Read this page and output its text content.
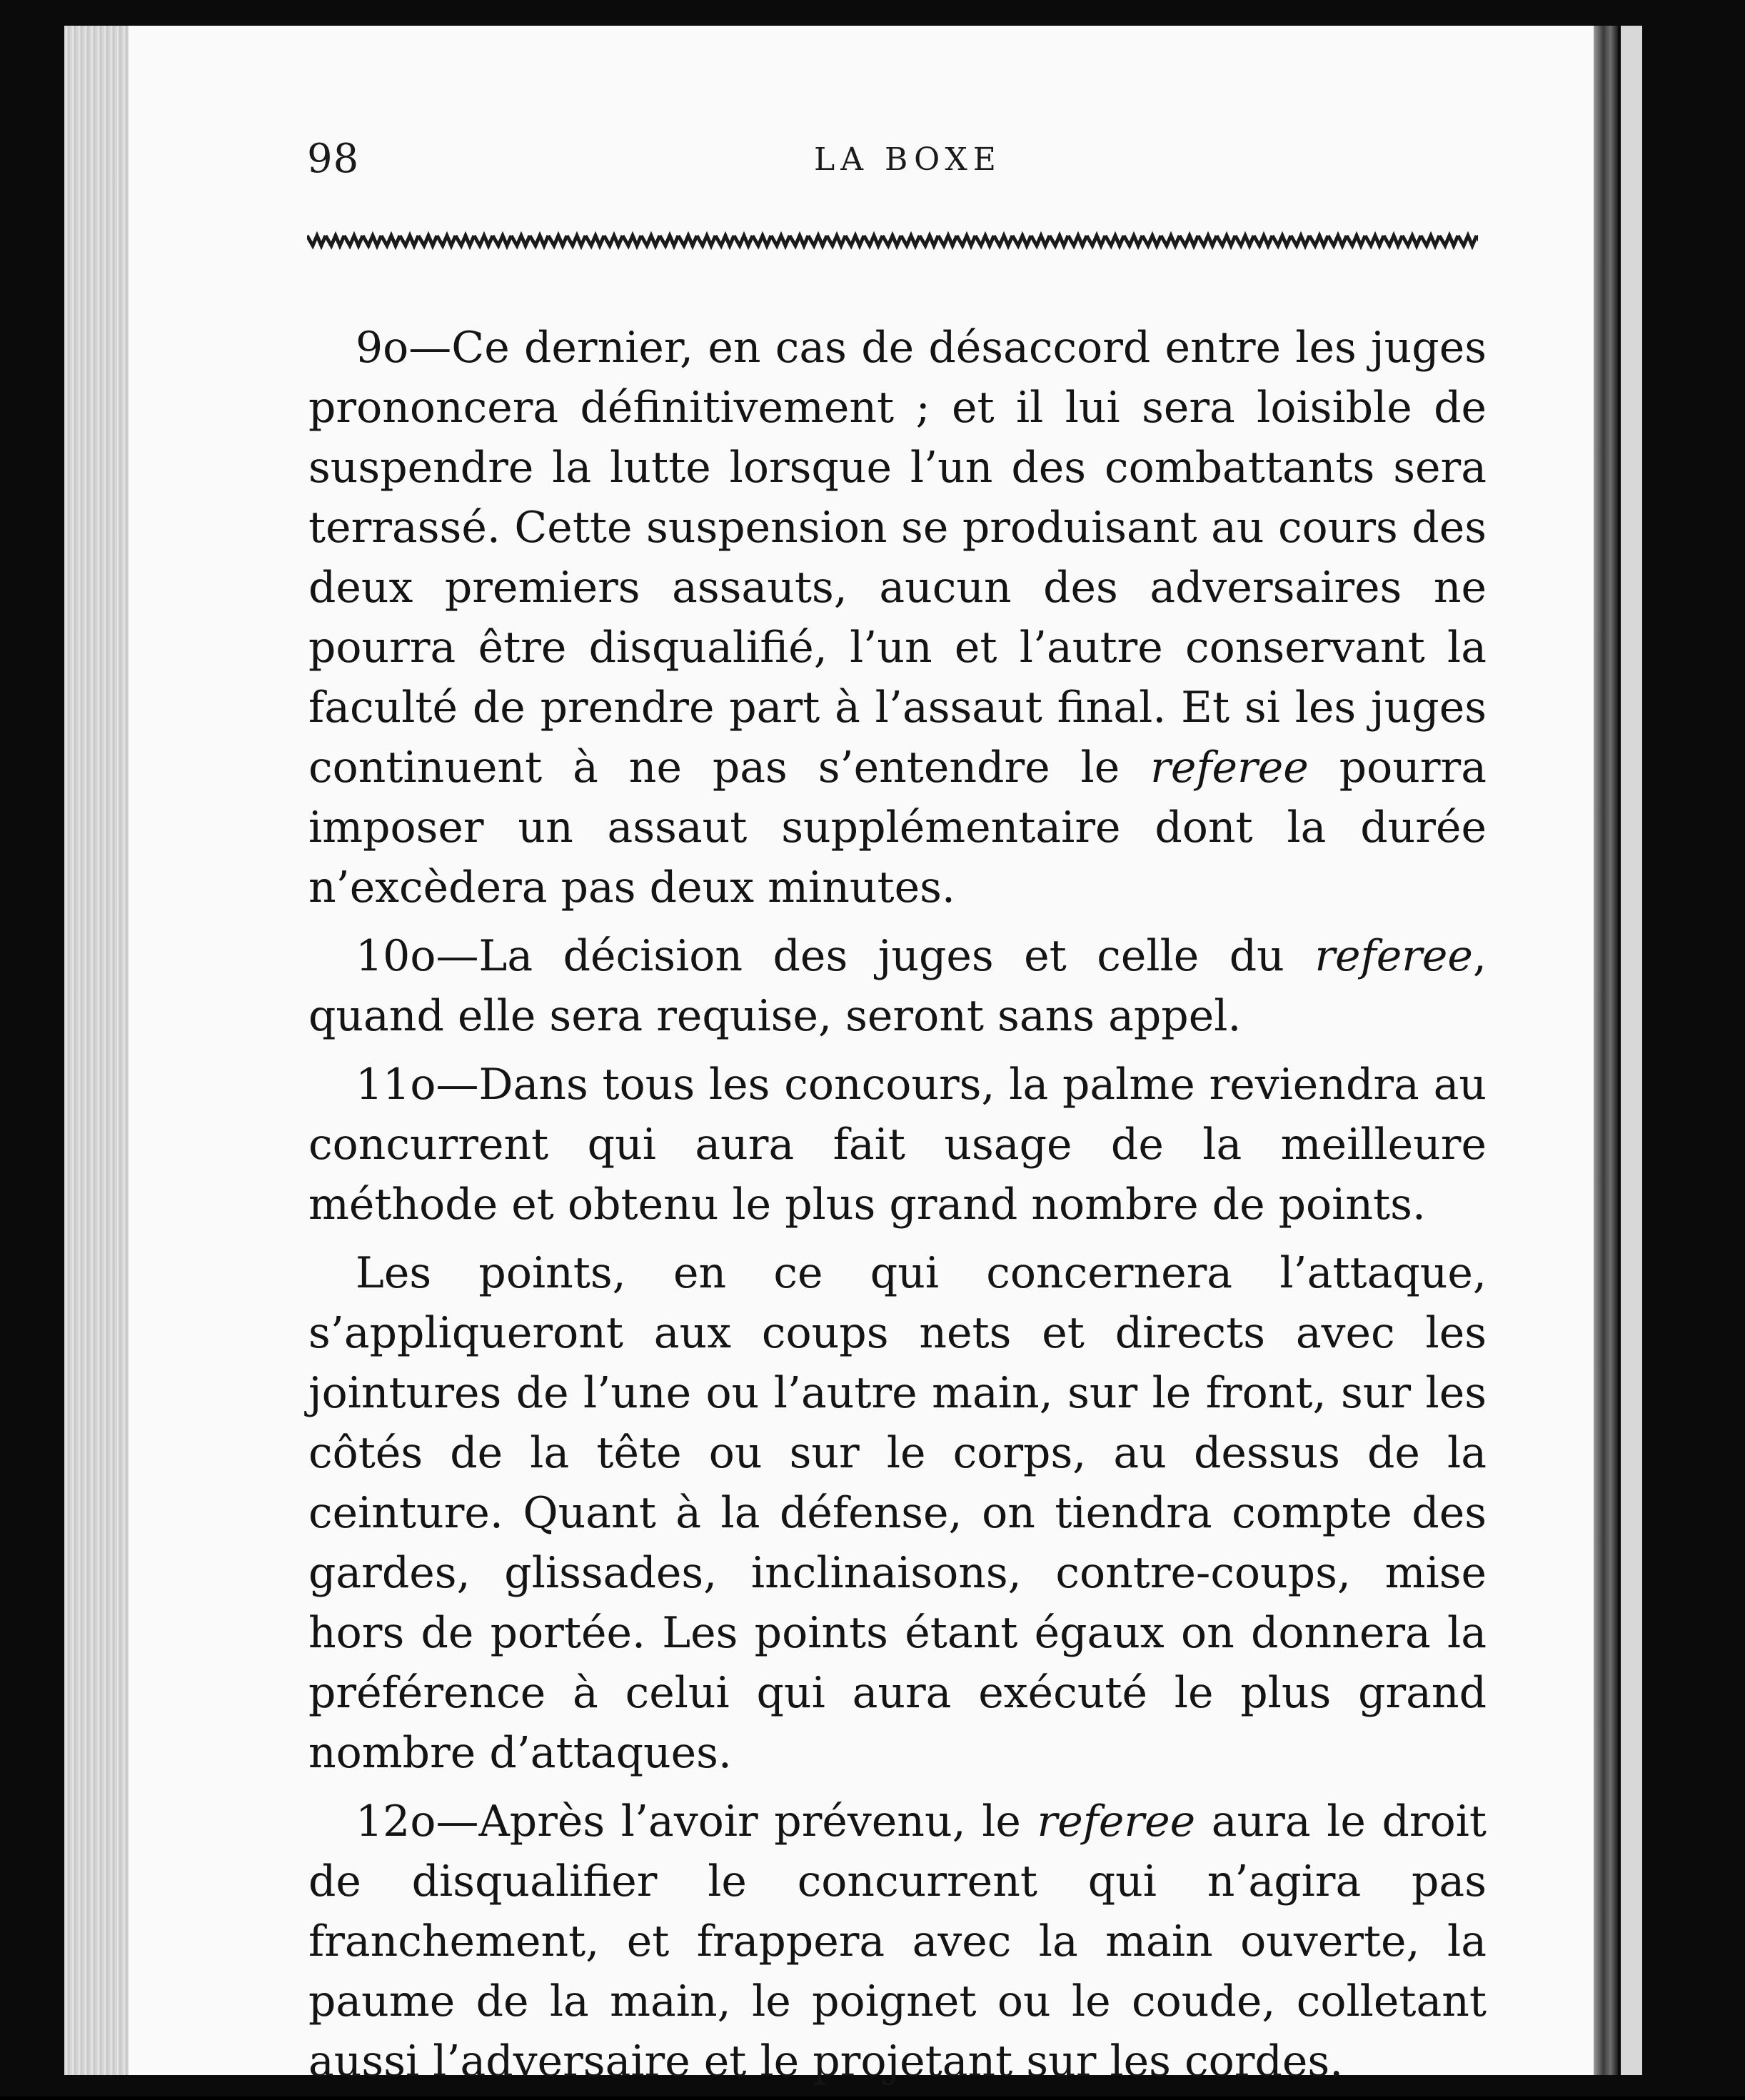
98	LA BOXE

9o—Ce dernier, en cas de désaccord entre les juges prononcera définitivement ; et il lui sera loisible de suspendre la lutte lorsque l’un des combattants sera terrassé. Cette suspension se produisant au cours des deux premiers assauts, aucun des adversaires ne pourra être disqualifié, l’un et l’autre conservant la faculté de prendre part à l’assaut final. Et si les juges continuent à ne pas s’entendre le referee pourra imposer un assaut supplémentaire dont la durée n’excèdera pas deux minutes.

10o—La décision des juges et celle du referee, quand elle sera requise, seront sans appel.

11o—Dans tous les concours, la palme reviendra au concurrent qui aura fait usage de la meilleure méthode et obtenu le plus grand nombre de points.

Les points, en ce qui concernera l’attaque, s’appliqueront aux coups nets et directs avec les jointures de l’une ou l’autre main, sur le front, sur les côtés de la tête ou sur le corps, au dessus de la ceinture. Quant à la défense, on tiendra compte des gardes, glissades, inclinaisons, contre-coups, mise hors de portée. Les points étant égaux on donnera la préférence à celui qui aura exécuté le plus grand nombre d’attaques.

12o—Après l’avoir prévenu, le referee aura le droit de disqualifier le concurrent qui n’agira pas franchement, et frappera avec la main ouverte, la paume de la main, le poignet ou le coude, colletant aussi l’adversaire et le projetant sur les cordes.
